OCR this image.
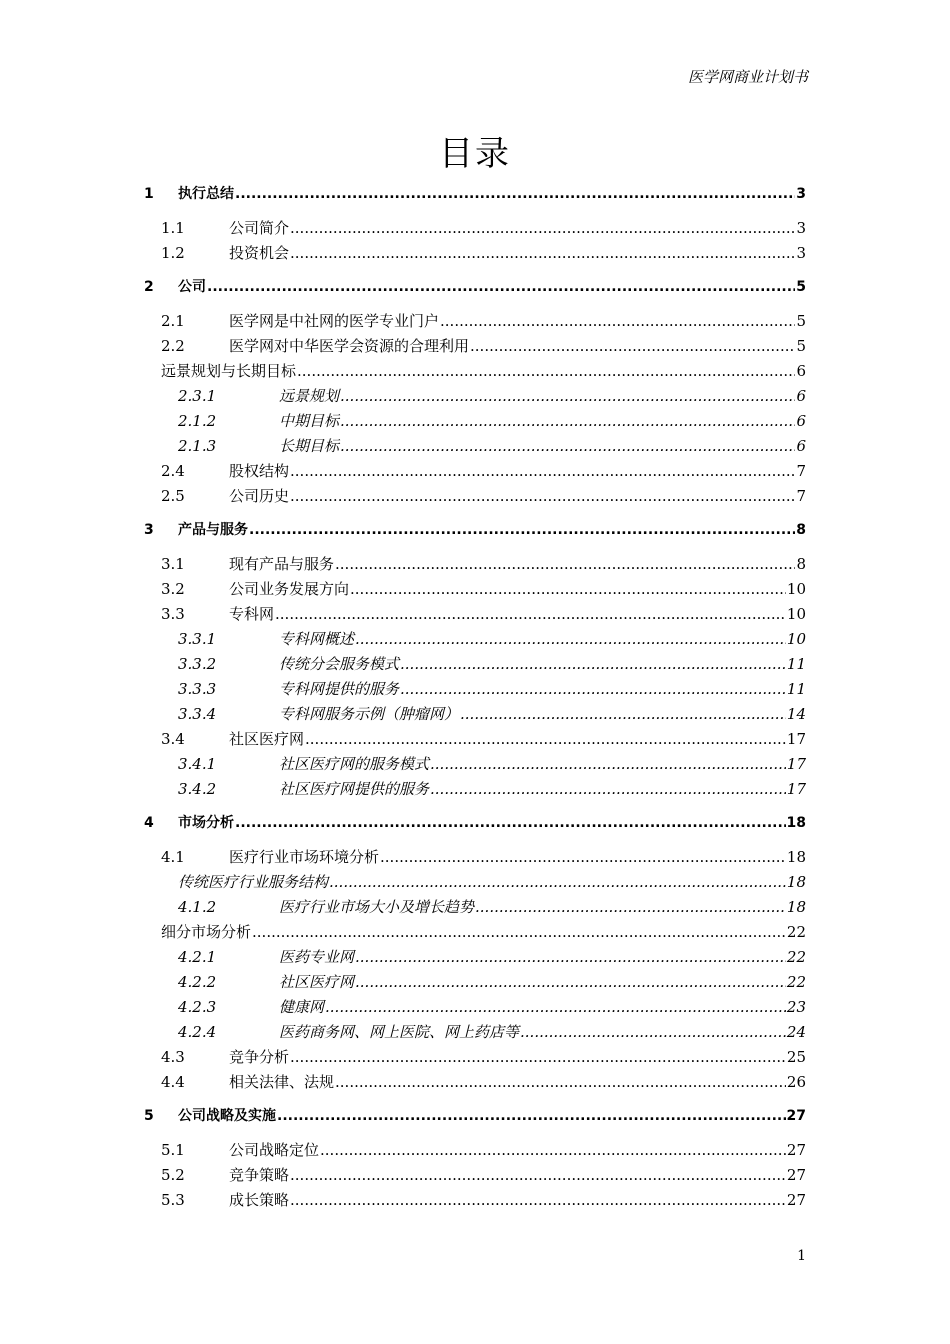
医学网商业计划书
目录
1	执行总结 .....	3
1.1	公司简介 .....	3
1.2	投资机会 .....	3
2	公司 .....	5
2.1	医学网是中社网的医学专业门户 .....	5
2.2	医学网对中华医学会资源的合理利用 .....	5
远景规划与长期目标 .....	6
2.3.1	远景规划 .....	6
2.1.2	中期目标 .....	6
2.1.3	长期目标 .....	6
2.4	股权结构 .....	7
2.5	公司历史 .....	7
3	产品与服务 .....	8
3.1	现有产品与服务 .....	8
3.2	公司业务发展方向 .....	10
3.3	专科网 .....	10
3.3.1	专科网概述 .....	10
3.3.2	传统分会服务模式 .....	11
3.3.3	专科网提供的服务 .....	11
3.3.4	专科网服务示例（肿瘤网） .....	14
3.4	社区医疗网 .....	17
3.4.1	社区医疗网的服务模式 .....	17
3.4.2	社区医疗网提供的服务 .....	17
4	市场分析 .....	18
4.1	医疗行业市场环境分析 .....	18
传统医疗行业服务结构 .....	18
4.1.2	医疗行业市场大小及增长趋势 .....	18
细分市场分析 .....	22
4.2.1	医药专业网 .....	22
4.2.2	社区医疗网 .....	22
4.2.3	健康网 .....	23
4.2.4	医药商务网、网上医院、网上药店等 .....	24
4.3	竞争分析 .....	25
4.4	相关法律、法规 .....	26
5	公司战略及实施 .....	27
5.1	公司战略定位 .....	27
5.2	竞争策略 .....	27
5.3	成长策略 .....	27
1
